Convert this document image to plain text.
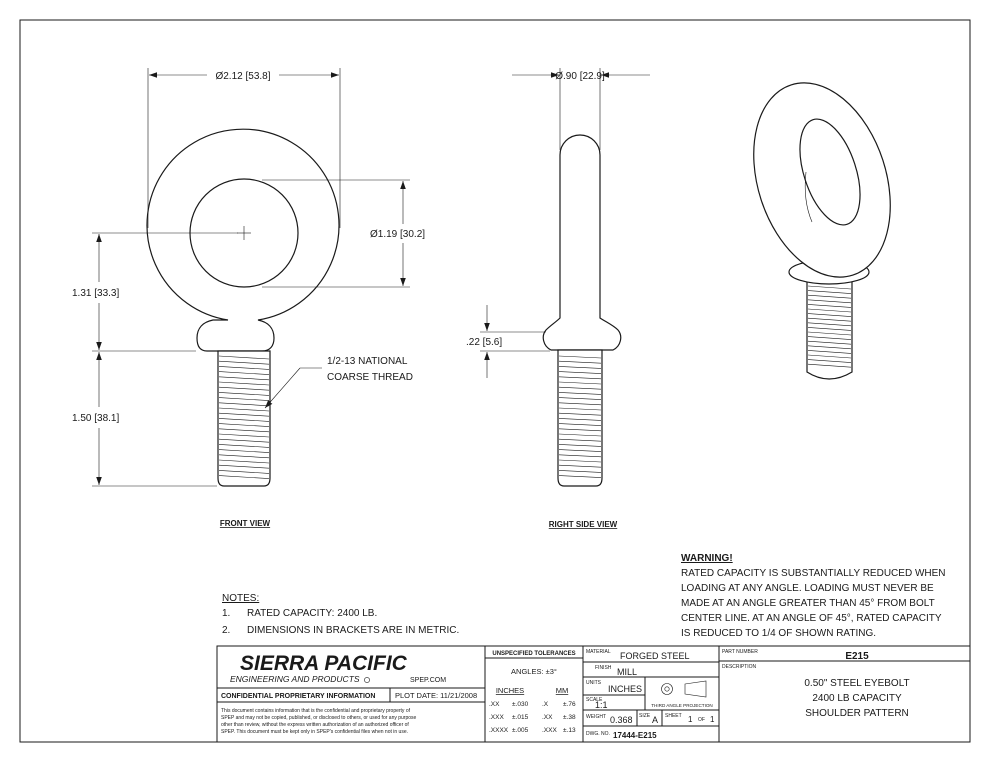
Ø2.12 [53.8]
Ø1.19 [30.2]
1.31 [33.3]
1.50 [38.1]
1/2-13 NATIONAL
COARSE THREAD
FRONT VIEW
Ø.90 [22.9]
.22 [5.6]
RIGHT SIDE VIEW
NOTES:
1. RATED CAPACITY: 2400 LB.
2. DIMENSIONS IN BRACKETS ARE IN METRIC.
WARNING!
RATED CAPACITY IS SUBSTANTIALLY REDUCED WHEN
LOADING AT ANY ANGLE. LOADING MUST NEVER BE
MADE AT AN ANGLE GREATER THAN 45° FROM BOLT
CENTER LINE. AT AN ANGLE OF 45°, RATED CAPACITY
IS REDUCED TO 1/4 OF SHOWN RATING.
SIERRA PACIFIC
ENGINEERING AND PRODUCTS	SPEP.COM
CONFIDENTIAL PROPRIETARY INFORMATION	PLOT DATE: 11/21/2008
This document contains information that is the confidential and proprietary property of
SPEP and may not be copied, published, or disclosed to others, or used for any purpose
other than review, without the express written authorization of an authorized officer of
SPEP. This document must be kept only in SPEP's confidential files when not in use.
UNSPECIFIED TOLERANCES
ANGLES: ±3°
INCHES	MM
.XX ±.030 .X ±.76
.XXX ±.015 .XX ±.38
.XXXX ±.005 .XXX ±.13
MATERIAL FORGED STEEL
FINISH MILL
UNITS
INCHES
SCALE
1:1	THIRD ANGLE PROJECTION
WEIGHT 0.368 SIZE A SHEET 1 OF 1
DWG. NO. 17444-E215
PART NUMBER	E215
DESCRIPTION
0.50" STEEL EYEBOLT
2400 LB CAPACITY
SHOULDER PATTERN
